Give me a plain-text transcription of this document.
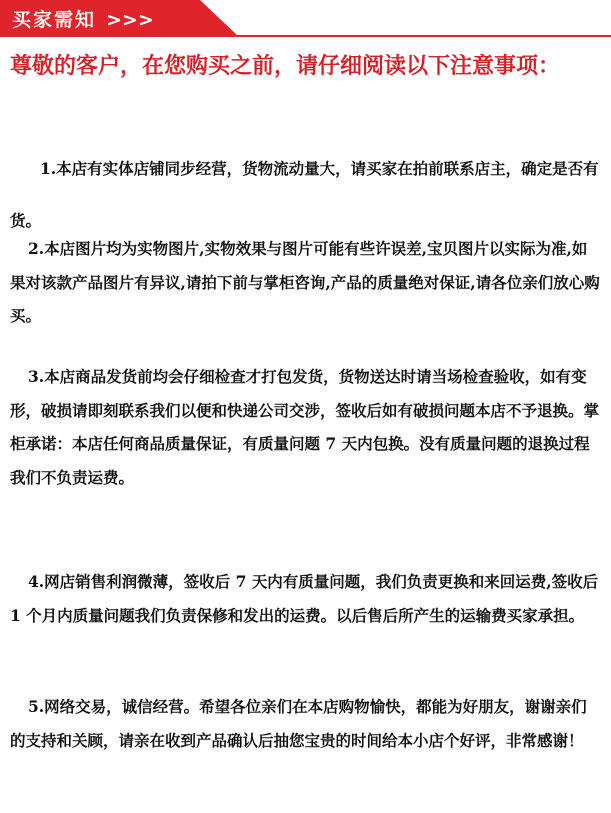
买家需知 >>>

尊敬的客户，在您购买之前，请仔细阅读以下注意事项：

1.本店有实体店铺同步经营，货物流动量大，请买家在拍前联系店主，确定是否有货。

2.本店图片均为实物图片,实物效果与图片可能有些许误差,宝贝图片以实际为准,如果对该款产品图片有异议,请拍下前与掌柜咨询,产品的质量绝对保证,请各位亲们放心购买。

3.本店商品发货前均会仔细检查才打包发货，货物送达时请当场检查验收，如有变形，破损请即刻联系我们以便和快递公司交涉，签收后如有破损问题本店不予退换。掌柜承诺：本店任何商品质量保证，有质量问题 7 天内包换。没有质量问题的退换过程我们不负责运费。

4.网店销售利润微薄，签收后 7 天内有质量问题，我们负责更换和来回运费,签收后 1 个月内质量问题我们负责保修和发出的运费。以后售后所产生的运输费买家承担。

5.网络交易，诚信经营。希望各位亲们在本店购物愉快，都能为好朋友，谢谢亲们的支持和关顾，请亲在收到产品确认后抽您宝贵的时间给本小店个好评，非常感谢！
